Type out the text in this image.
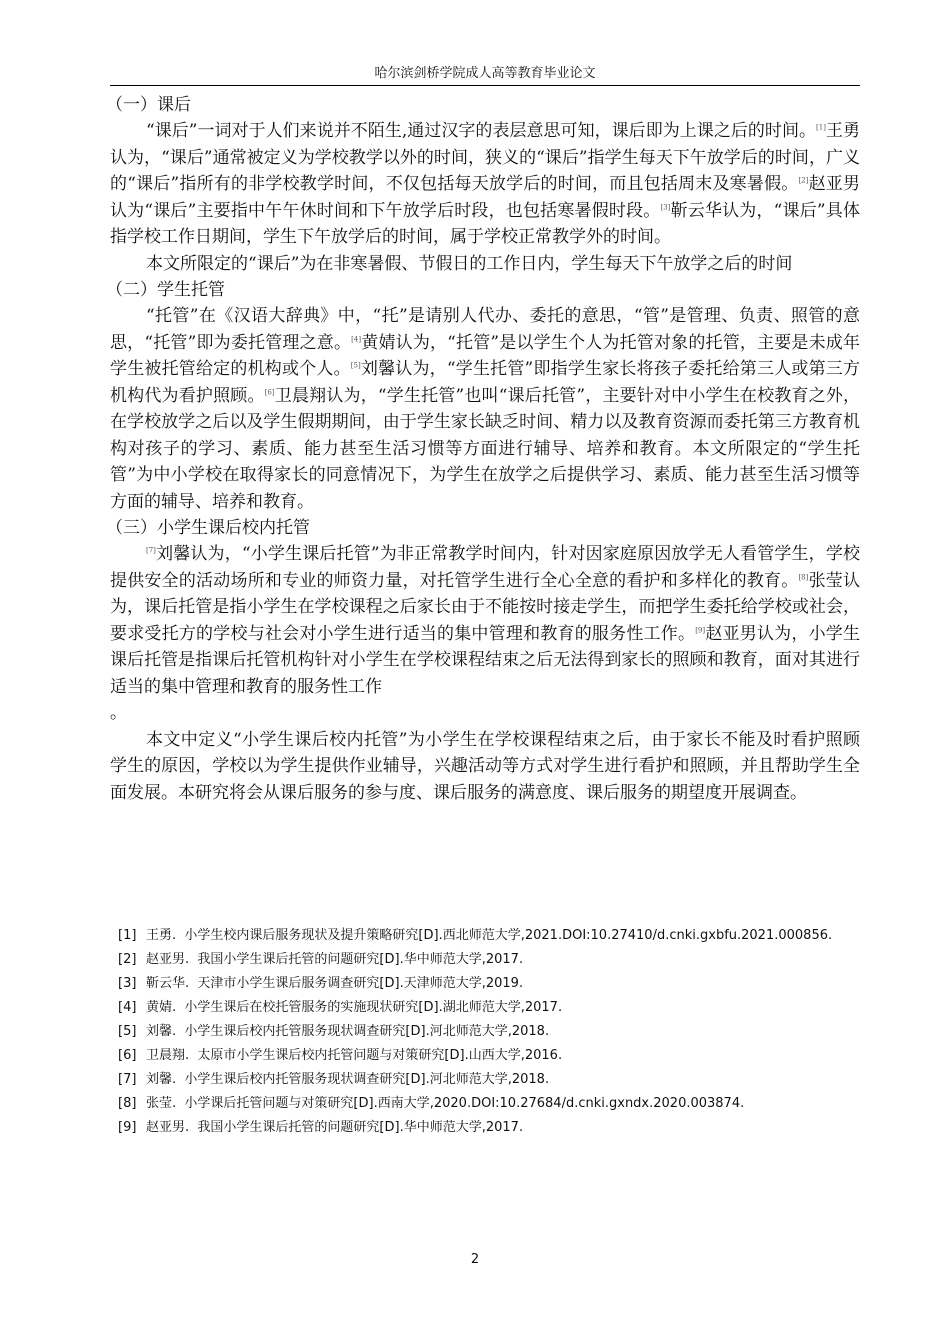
哈尔滨剑桥学院成人高等教育毕业论文
（一）课后

“课后”一词对于人们来说并不陌生,通过汉字的表层意思可知，课后即为上课之后的时间。[1]王勇认为，“课后”通常被定义为学校教学以外的时间，狭义的“课后”指学生每天下午放学后的时间，广义的“课后”指所有的非学校教学时间，不仅包括每天放学后的时间，而且包括周末及寒暑假。[2]赵亚男认为“课后”主要指中午午休时间和下午放学后时段，也包括寒暑假时段。[3]靳云华认为，“课后”具体指学校工作日期间，学生下午放学后的时间，属于学校正常教学外的时间。

本文所限定的“课后”为在非寒暑假、节假日的工作日内，学生每天下午放学之后的时间

（二）学生托管

“托管”在《汉语大辞典》中，“托”是请别人代办、委托的意思，“管”是管理、负责、照管的意思，“托管”即为委托管理之意。[4]黄婧认为，“托管”是以学生个人为托管对象的托管，主要是未成年学生被托管给定的机构或个人。[5]刘馨认为，“学生托管”即指学生家长将孩子委托给第三人或第三方机构代为看护照顾。[6]卫晨翔认为，“学生托管”也叫“课后托管”，主要针对中小学生在校教育之外，在学校放学之后以及学生假期期间，由于学生家长缺乏时间、精力以及教育资源而委托第三方教育机构对孩子的学习、素质、能力甚至生活习惯等方面进行辅导、培养和教育。本文所限定的“学生托管”为中小学校在取得家长的同意情况下，为学生在放学之后提供学习、素质、能力甚至生活习惯等方面的辅导、培养和教育。

（三）小学生课后校内托管

[7]刘馨认为，“小学生课后托管”为非正常教学时间内，针对因家庭原因放学无人看管学生，学校提供安全的活动场所和专业的师资力量，对托管学生进行全心全意的看护和多样化的教育。[8]张莹认为，课后托管是指小学生在学校课程之后家长由于不能按时接走学生，而把学生委托给学校或社会，要求受托方的学校与社会对小学生进行适当的集中管理和教育的服务性工作。[9]赵亚男认为，小学生课后托管是指课后托管机构针对小学生在学校课程结束之后无法得到家长的照顾和教育，面对其进行适当的集中管理和教育的服务性工作
。

本文中定义“小学生课后校内托管”为小学生在学校课程结束之后，由于家长不能及时看护照顾学生的原因，学校以为学生提供作业辅导，兴趣活动等方式对学生进行看护和照顾，并且帮助学生全面发展。本研究将会从课后服务的参与度、课后服务的满意度、课后服务的期望度开展调查。

[1] 王勇. 小学生校内课后服务现状及提升策略研究[D].西北师范大学,2021.DOI:10.27410/d.cnki.gxbfu.2021.000856.
[2] 赵亚男. 我国小学生课后托管的问题研究[D].华中师范大学,2017.
[3] 靳云华. 天津市小学生课后服务调查研究[D].天津师范大学,2019.
[4] 黄婧. 小学生课后在校托管服务的实施现状研究[D].湖北师范大学,2017.
[5] 刘馨. 小学生课后校内托管服务现状调查研究[D].河北师范大学,2018.
[6] 卫晨翔. 太原市小学生课后校内托管问题与对策研究[D].山西大学,2016.
[7] 刘馨. 小学生课后校内托管服务现状调查研究[D].河北师范大学,2018.
[8] 张莹. 小学课后托管问题与对策研究[D].西南大学,2020.DOI:10.27684/d.cnki.gxndx.2020.003874.
[9] 赵亚男. 我国小学生课后托管的问题研究[D].华中师范大学,2017.
2
